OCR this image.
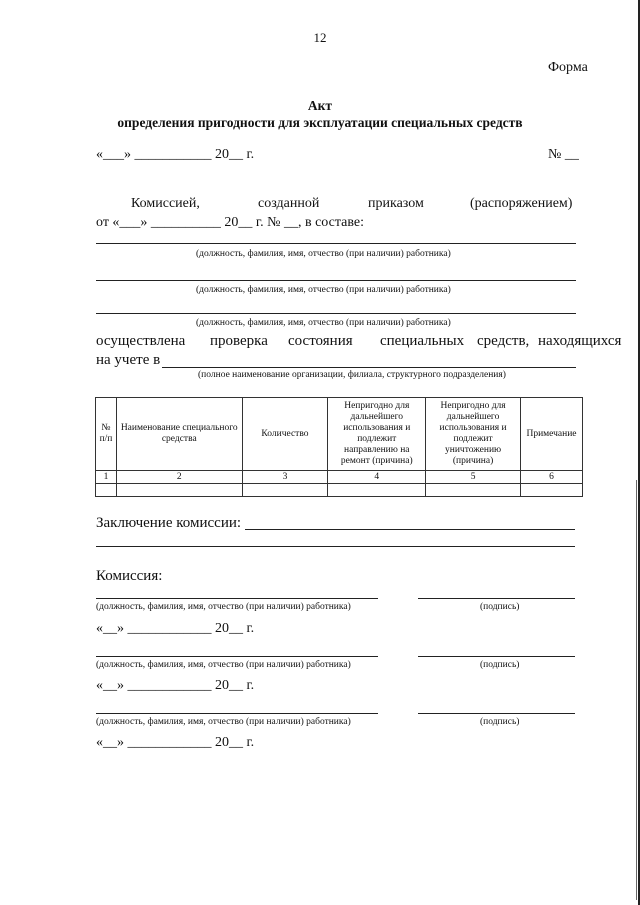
12
Форма
Акт
определения пригодности для эксплуатации специальных средств
«___» ___________ 20__ г.	№ __
Комиссией,	созданной	приказом	(распоряжением)
от «___» __________ 20__ г. № __, в составе:
(должность, фамилия, имя, отчество (при наличии) работника)
(должность, фамилия, имя, отчество (при наличии) работника)
(должность, фамилия, имя, отчество (при наличии) работника)
осуществлена проверка состояния специальных средств, находящихся
на учете в
(полное наименование организации, филиала, структурного подразделения)
№ п/п	Наименование специального средства	Количество	Непригодно для дальнейшего использования и подлежит направлению на ремонт (причина)	Непригодно для дальнейшего использования и подлежит уничтожению (причина)	Примечание
1	2	3	4	5	6

Заключение комиссии:
Комиссия:
(должность, фамилия, имя, отчество (при наличии) работника)	(подпись)
«__» ____________ 20__ г.
(должность, фамилия, имя, отчество (при наличии) работника)	(подпись)
«__» ____________ 20__ г.
(должность, фамилия, имя, отчество (при наличии) работника)	(подпись)
«__» ____________ 20__ г.
